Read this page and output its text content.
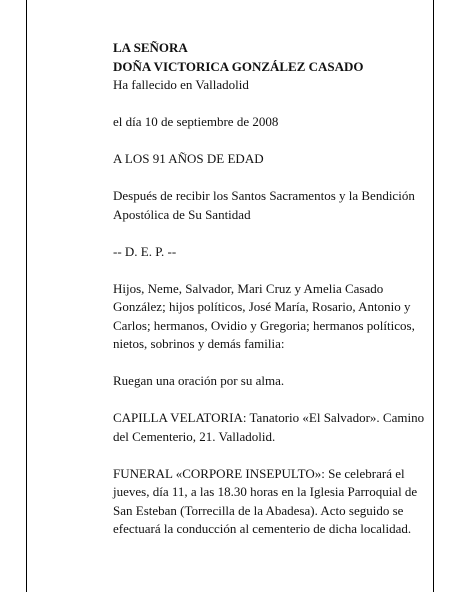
LA SEÑORA

DOÑA VICTORICA GONZÁLEZ CASADO

Ha fallecido en Valladolid

el día 10 de septiembre de 2008

A LOS 91 AÑOS DE EDAD

Después de recibir los Santos Sacramentos y la Bendición Apostólica de Su Santidad

-- D. E. P. --

Hijos, Neme, Salvador, Mari Cruz y Amelia Casado González; hijos políticos, José María, Rosario, Antonio y Carlos; hermanos, Ovidio y Gregoria; hermanos políticos, nietos, sobrinos y demás familia:

Ruegan una oración por su alma.

CAPILLA VELATORIA: Tanatorio «El Salvador». Camino del Cementerio, 21. Valladolid.

FUNERAL «CORPORE INSEPULTO»: Se celebrará el jueves, día 11, a las 18.30 horas en la Iglesia Parroquial de San Esteban (Torrecilla de la Abadesa). Acto seguido se efectuará la conducción al cementerio de dicha localidad.
